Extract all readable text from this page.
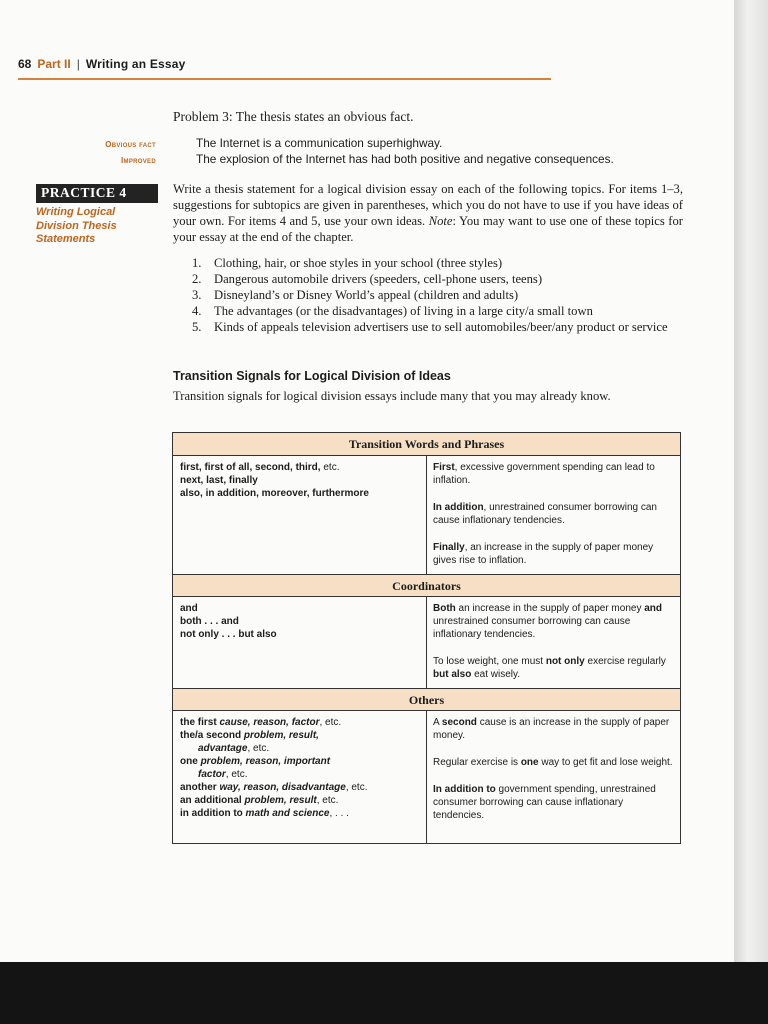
68 Part II | Writing an Essay
Problem 3: The thesis states an obvious fact.
Obvious fact
Improved
The Internet is a communication superhighway.
The explosion of the Internet has had both positive and negative consequences.
PRACTICE 4
Writing Logical Division Thesis Statements
Write a thesis statement for a logical division essay on each of the following topics. For items 1–3, suggestions for subtopics are given in parentheses, which you do not have to use if you have ideas of your own. For items 4 and 5, use your own ideas. Note: You may want to use one of these topics for your essay at the end of the chapter.
1. Clothing, hair, or shoe styles in your school (three styles)
2. Dangerous automobile drivers (speeders, cell-phone users, teens)
3. Disneyland’s or Disney World’s appeal (children and adults)
4. The advantages (or the disadvantages) of living in a large city/a small town
5. Kinds of appeals television advertisers use to sell automobiles/beer/any product or service
Transition Signals for Logical Division of Ideas
Transition signals for logical division essays include many that you may already know.
Transition Words and Phrases
first, first of all, second, third, etc.
next, last, finally
also, in addition, moreover, furthermore

First, excessive government spending can lead to inflation.

In addition, unrestrained consumer borrowing can cause inflationary tendencies.

Finally, an increase in the supply of paper money gives rise to inflation.

Coordinators
and
both . . . and
not only . . . but also

Both an increase in the supply of paper money and unrestrained consumer borrowing can cause inflationary tendencies.

To lose weight, one must not only exercise regularly but also eat wisely.

Others
the first cause, reason, factor, etc.
the/a second problem, result,
advantage, etc.
one problem, reason, important
factor, etc.
another way, reason, disadvantage, etc.
an additional problem, result, etc.
in addition to math and science, . . .

A second cause is an increase in the supply of paper money.

Regular exercise is one way to get fit and lose weight.

In addition to government spending, unrestrained consumer borrowing can cause inflationary tendencies.
